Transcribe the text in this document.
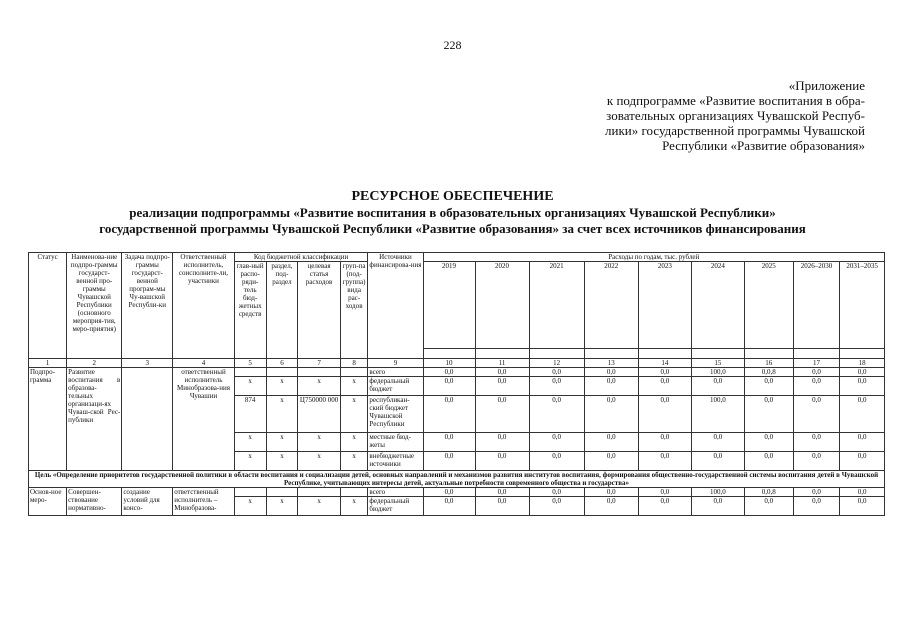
228
«Приложение
к подпрограмме «Развитие воспитания в обра-
зовательных организациях Чувашской Респуб-
лики» государственной программы Чувашской
Республики «Развитие образования»
РЕСУРСНОЕ ОБЕСПЕЧЕНИЕ
реализации подпрограммы «Развитие воспитания в образовательных организациях Чувашской Республики»
государственной программы Чувашской Республики «Развитие образования» за счет всех источников финансирования
Статус	Наименова-ние подпро-граммы государст-венной про-граммы Чувашской Республики (основного мероприя-тия, меро-приятия)	Задача подпро-граммы государст-венной програм-мы Чу-вашской Республи-ки	Ответственный исполнитель, соисполните-ли, участники	Код бюджетной классификации				Источники финансирова-ния	Расходы по годам, тыс. рублей								
				глав-ный распо-ряди-тель бюд-жетных средств	раздел, под-раздел	целевая статья расходов	груп-па (под-группа) вида рас-ходов		2019	2020	2021	2022	2023	2024	2025	2026–2030	2031–2035

1	2	3	4	5	6	7	8	9	10	11	12	13	14	15	16	17	18
Подпро-грамма	Развитие воспитания в образова-тельных организаци-ях Чуваш-ской Рес-публики		ответственный исполнитель Минобразова-ния Чувашии					всего	0,0	0,0	0,0	0,0	0,0	100,0	0,0,8	0,0	0,0
				x	x	x	x	федеральный бюджет	0,0	0,0	0,0	0,0	0,0	0,0	0,0	0,0	0,0
				874	x	Ц750000 000	x	республикан-ский бюджет Чувашской Республики	0,0	0,0	0,0	0,0	0,0	100,0	0,0	0,0	0,0
				x	x	x	x	местные бюд-жеты	0,0	0,0	0,0	0,0	0,0	0,0	0,0	0,0	0,0
				x	x	x	x	внебюджетные источники	0,0	0,0	0,0	0,0	0,0	0,0	0,0	0,0	0,0
Цель «Определение приоритетов государственной политики в области воспитания и социализации детей, основных направлений и механизмов развития институтов воспитания, формирования общественно-государственной системы воспитания детей в Чувашской Республике, учитывающих интересы детей, актуальные потребности современного общества и государства»																	
Основ-ное меро-	Совершен-ствование нормативно-	создание условий для консо-	ответственный исполнитель – Минобразова-					всего	0,0	0,0	0,0	0,0	0,0	100,0	0,0,8	0,0	0,0
				x	x	x	x	федеральный бюджет	0,0	0,0	0,0	0,0	0,0	0,0	0,0	0,0	0,0
